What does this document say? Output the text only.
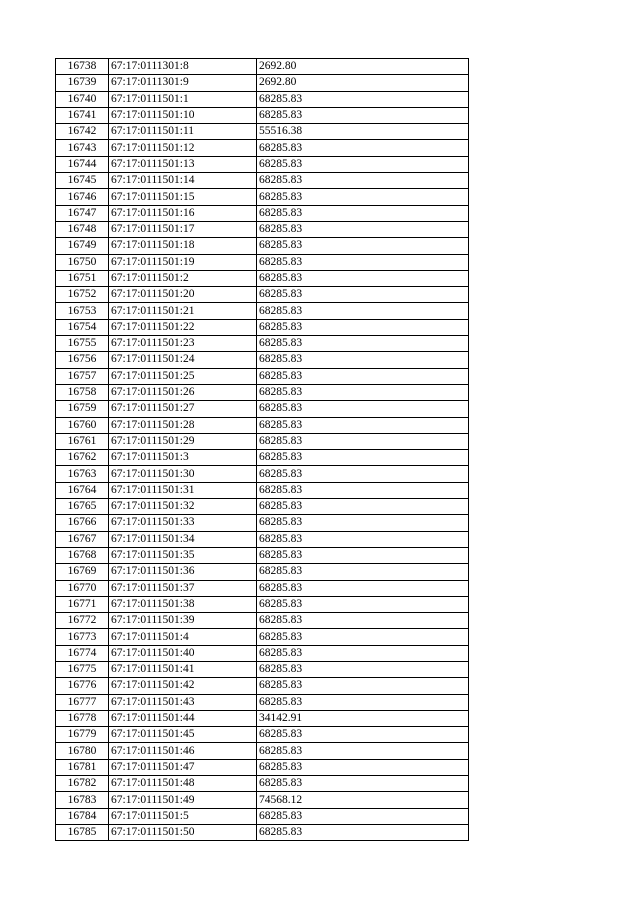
16738	67:17:0111301:8	2692.80
16739	67:17:0111301:9	2692.80
16740	67:17:0111501:1	68285.83
16741	67:17:0111501:10	68285.83
16742	67:17:0111501:11	55516.38
16743	67:17:0111501:12	68285.83
16744	67:17:0111501:13	68285.83
16745	67:17:0111501:14	68285.83
16746	67:17:0111501:15	68285.83
16747	67:17:0111501:16	68285.83
16748	67:17:0111501:17	68285.83
16749	67:17:0111501:18	68285.83
16750	67:17:0111501:19	68285.83
16751	67:17:0111501:2	68285.83
16752	67:17:0111501:20	68285.83
16753	67:17:0111501:21	68285.83
16754	67:17:0111501:22	68285.83
16755	67:17:0111501:23	68285.83
16756	67:17:0111501:24	68285.83
16757	67:17:0111501:25	68285.83
16758	67:17:0111501:26	68285.83
16759	67:17:0111501:27	68285.83
16760	67:17:0111501:28	68285.83
16761	67:17:0111501:29	68285.83
16762	67:17:0111501:3	68285.83
16763	67:17:0111501:30	68285.83
16764	67:17:0111501:31	68285.83
16765	67:17:0111501:32	68285.83
16766	67:17:0111501:33	68285.83
16767	67:17:0111501:34	68285.83
16768	67:17:0111501:35	68285.83
16769	67:17:0111501:36	68285.83
16770	67:17:0111501:37	68285.83
16771	67:17:0111501:38	68285.83
16772	67:17:0111501:39	68285.83
16773	67:17:0111501:4	68285.83
16774	67:17:0111501:40	68285.83
16775	67:17:0111501:41	68285.83
16776	67:17:0111501:42	68285.83
16777	67:17:0111501:43	68285.83
16778	67:17:0111501:44	34142.91
16779	67:17:0111501:45	68285.83
16780	67:17:0111501:46	68285.83
16781	67:17:0111501:47	68285.83
16782	67:17:0111501:48	68285.83
16783	67:17:0111501:49	74568.12
16784	67:17:0111501:5	68285.83
16785	67:17:0111501:50	68285.83
